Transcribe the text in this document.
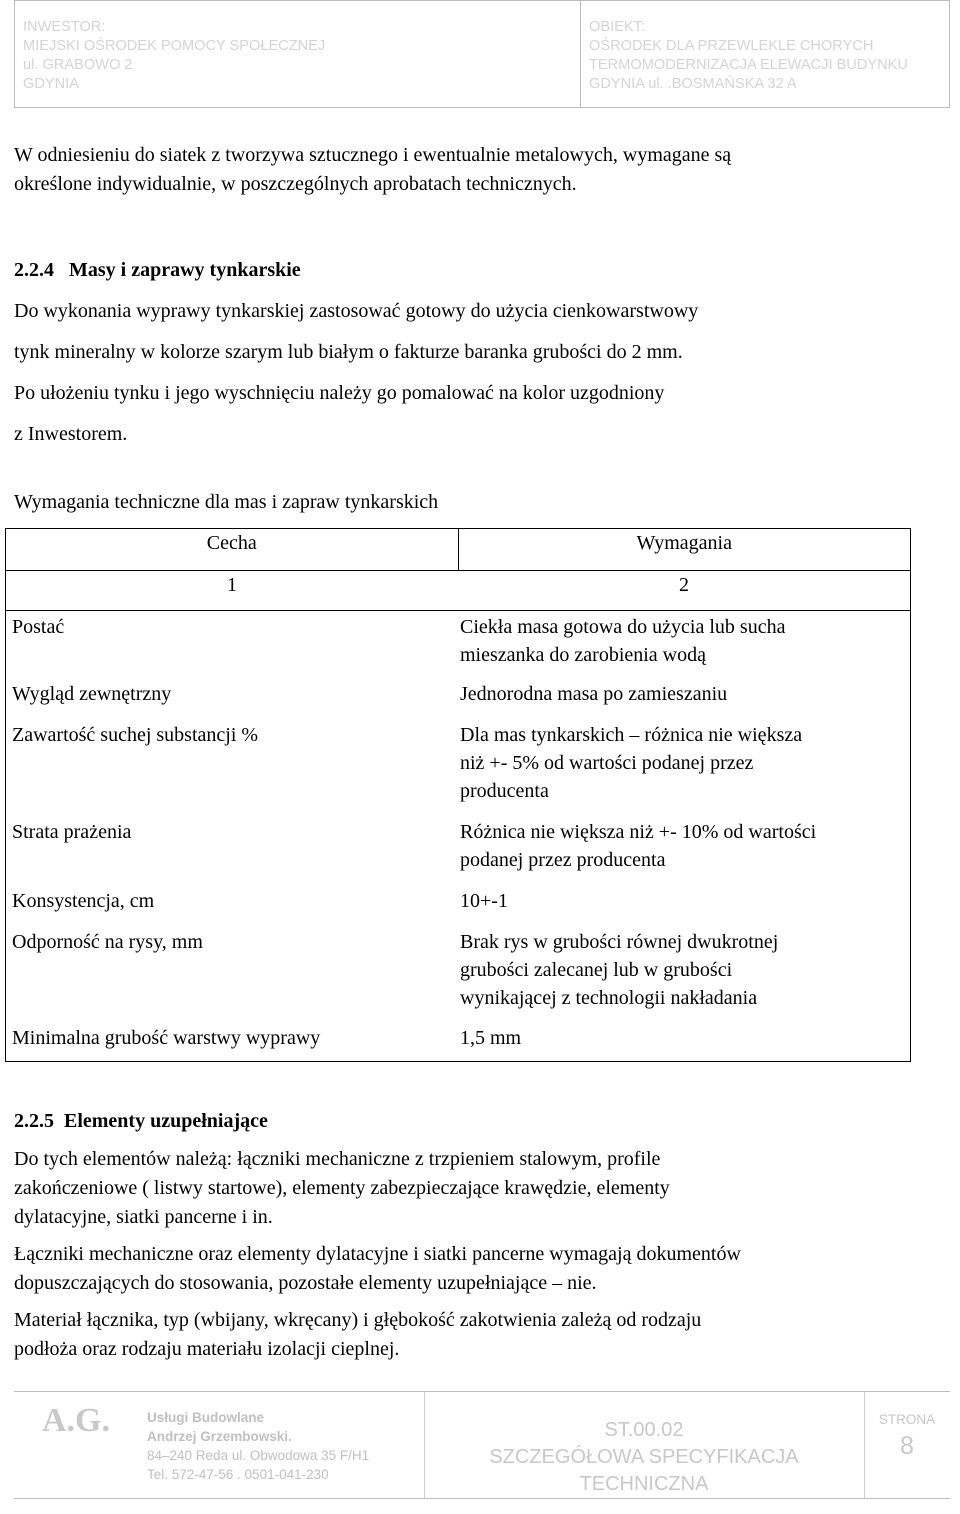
INWESTOR:
MIEJSKI OŚRODEK POMOCY SPOŁECZNEJ
ul. GRABOWO 2
GDYNIA
OBIEKT:
OŚRODEK DLA PRZEWLEKLE CHORYCH
TERMOMODERNIZACJA ELEWACJI BUDYNKU
GDYNIA ul. .BOSMAŃSKA 32 A
W odniesieniu do siatek z tworzywa sztucznego i ewentualnie metalowych, wymagane są
określone indywidualnie, w poszczególnych aprobatach technicznych.
2.2.4   Masy i zaprawy tynkarskie
Do wykonania wyprawy tynkarskiej zastosować gotowy do użycia cienkowarstwowy
tynk mineralny w kolorze szarym lub białym o fakturze baranka grubości do 2 mm.
Po ułożeniu tynku i jego wyschnięciu należy go pomalować na kolor uzgodniony
z Inwestorem.
Wymagania techniczne dla mas i zapraw tynkarskich
Cecha	Wymagania
1	2
Postać	Ciekła masa gotowa do użycia lub sucha
mieszanka do zarobienia wodą

Wygląd zewnętrzny	Jednorodna masa po zamieszaniu

Zawartość suchej substancji %	Dla mas tynkarskich – różnica nie większa
niż +- 5% od wartości podanej przez
producenta

Strata prażenia	Różnica nie większa niż +- 10% od wartości
podanej przez producenta

Konsystencja, cm	10+-1

Odporność na rysy, mm	Brak rys w grubości równej dwukrotnej
grubości zalecanej lub w grubości
wynikającej z technologii nakładania

Minimalna grubość warstwy wyprawy	1,5 mm
2.2.5  Elementy uzupełniające
Do tych elementów należą: łączniki mechaniczne z trzpieniem stalowym, profile
zakończeniowe ( listwy startowe), elementy zabezpieczające krawędzie, elementy
dylatacyjne, siatki pancerne i in.
Łączniki mechaniczne oraz elementy dylatacyjne i siatki pancerne wymagają dokumentów
dopuszczających do stosowania, pozostałe elementy uzupełniające – nie.
Materiał łącznika, typ (wbijany, wkręcany) i głębokość zakotwienia zależą od rodzaju
podłoża oraz rodzaju materiału izolacji cieplnej.
A.G.	Usługi Budowlane
Andrzej Grzembowski.
84–240 Reda ul. Obwodowa 35 F/H1
Tel. 572-47-56 . 0501-041-230
ST.00.02
SZCZEGÓŁOWA SPECYFIKACJA
TECHNICZNA
STRONA
8
